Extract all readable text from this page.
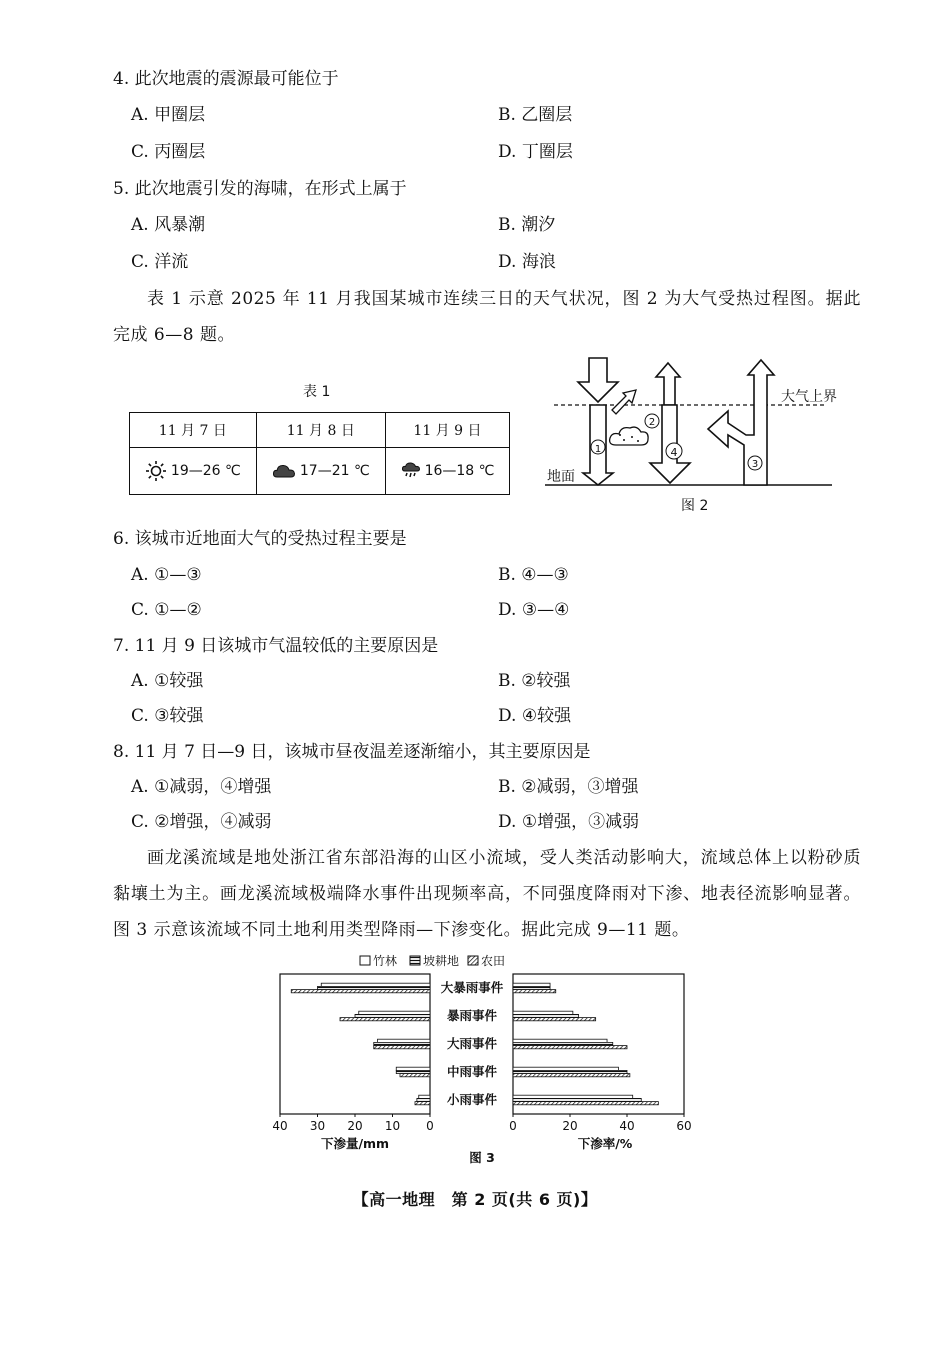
4. 此次地震的震源最可能位于
A. 甲圈层	B. 乙圈层
C. 丙圈层	D. 丁圈层
5. 此次地震引发的海啸，在形式上属于
A. 风暴潮	B. 潮汐
C. 洋流	D. 海浪
表 1 示意 2025 年 11 月我国某城市连续三日的天气状况，图 2 为大气受热过程图。据此完成 6—8 题。
表 1
11 月 7 日	11 月 8 日	11 月 9 日
19—26 ℃	17—21 ℃	16—18 ℃
1
2
3
4
大气上界
地面
图 2
6. 该城市近地面大气的受热过程主要是
A. ①—③	B. ④—③
C. ①—②	D. ③—④
7. 11 月 9 日该城市气温较低的主要原因是
A. ①较强	B. ②较强
C. ③较强	D. ④较强
8. 11 月 7 日—9 日，该城市昼夜温差逐渐缩小，其主要原因是
A. ①减弱，④增强	B. ②减弱，③增强
C. ②增强，④减弱	D. ①增强，③减弱
画龙溪流域是地处浙江省东部沿海的山区小流域，受人类活动影响大，流域总体上以粉砂质黏壤土为主。画龙溪流域极端降水事件出现频率高，不同强度降雨对下渗、地表径流影响显著。图 3 示意该流域不同土地利用类型降雨—下渗变化。据此完成 9—11 题。
竹林 坡耕地 农田
大暴雨事件
暴雨事件
大雨事件
中雨事件
小雨事件
40 30 20 10 0	0	20	40	60
下渗量/mm	下渗率/%
图 3
【高一地理　第 2 页(共 6 页)】
